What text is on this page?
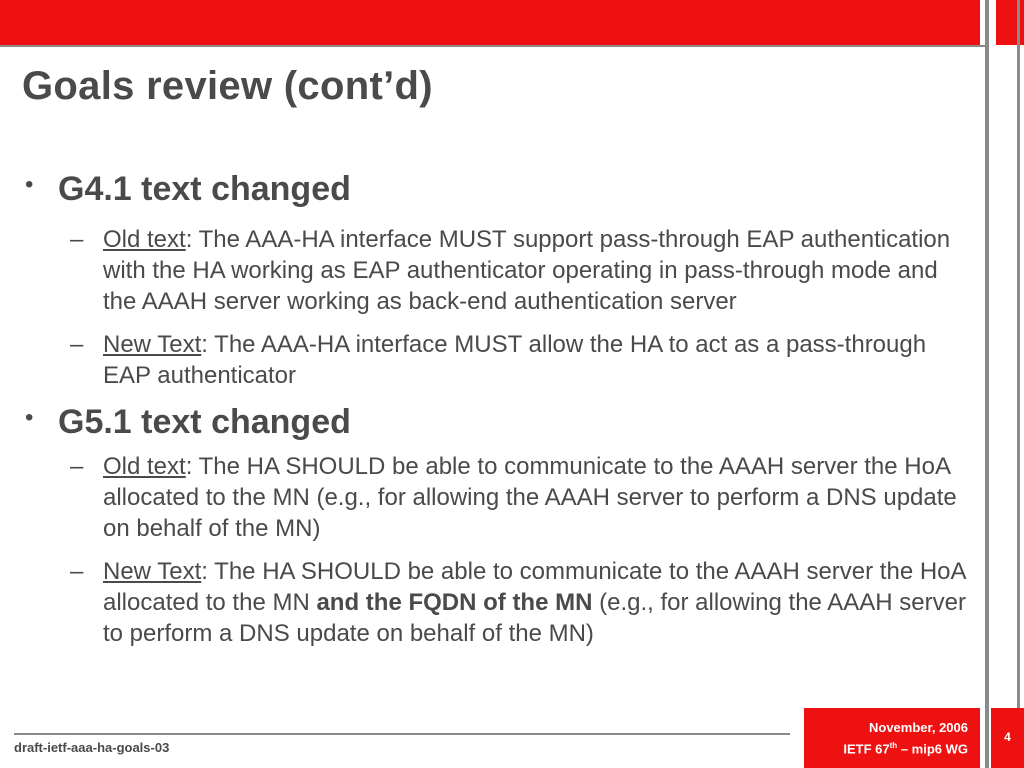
Goals review (cont’d)
• G4.1 text changed

– Old text: The AAA-HA interface MUST support pass-through EAP authentication with the HA working as EAP authenticator operating in pass-through mode and the AAAH server working as back-end authentication server

– New Text: The AAA-HA interface MUST allow the HA to act as a pass-through EAP authenticator

• G5.1 text changed

– Old text: The HA SHOULD be able to communicate to the AAAH server the HoA allocated to the MN (e.g., for allowing the AAAH server to perform a DNS update on behalf of the MN)

– New Text: The HA SHOULD be able to communicate to the AAAH server the HoA allocated to the MN and the FQDN of the MN (e.g., for allowing the AAAH server to perform a DNS update on behalf of the MN)

draft-ietf-aaa-ha-goals-03
November, 2006
IETF 67th – mip6 WG
4
